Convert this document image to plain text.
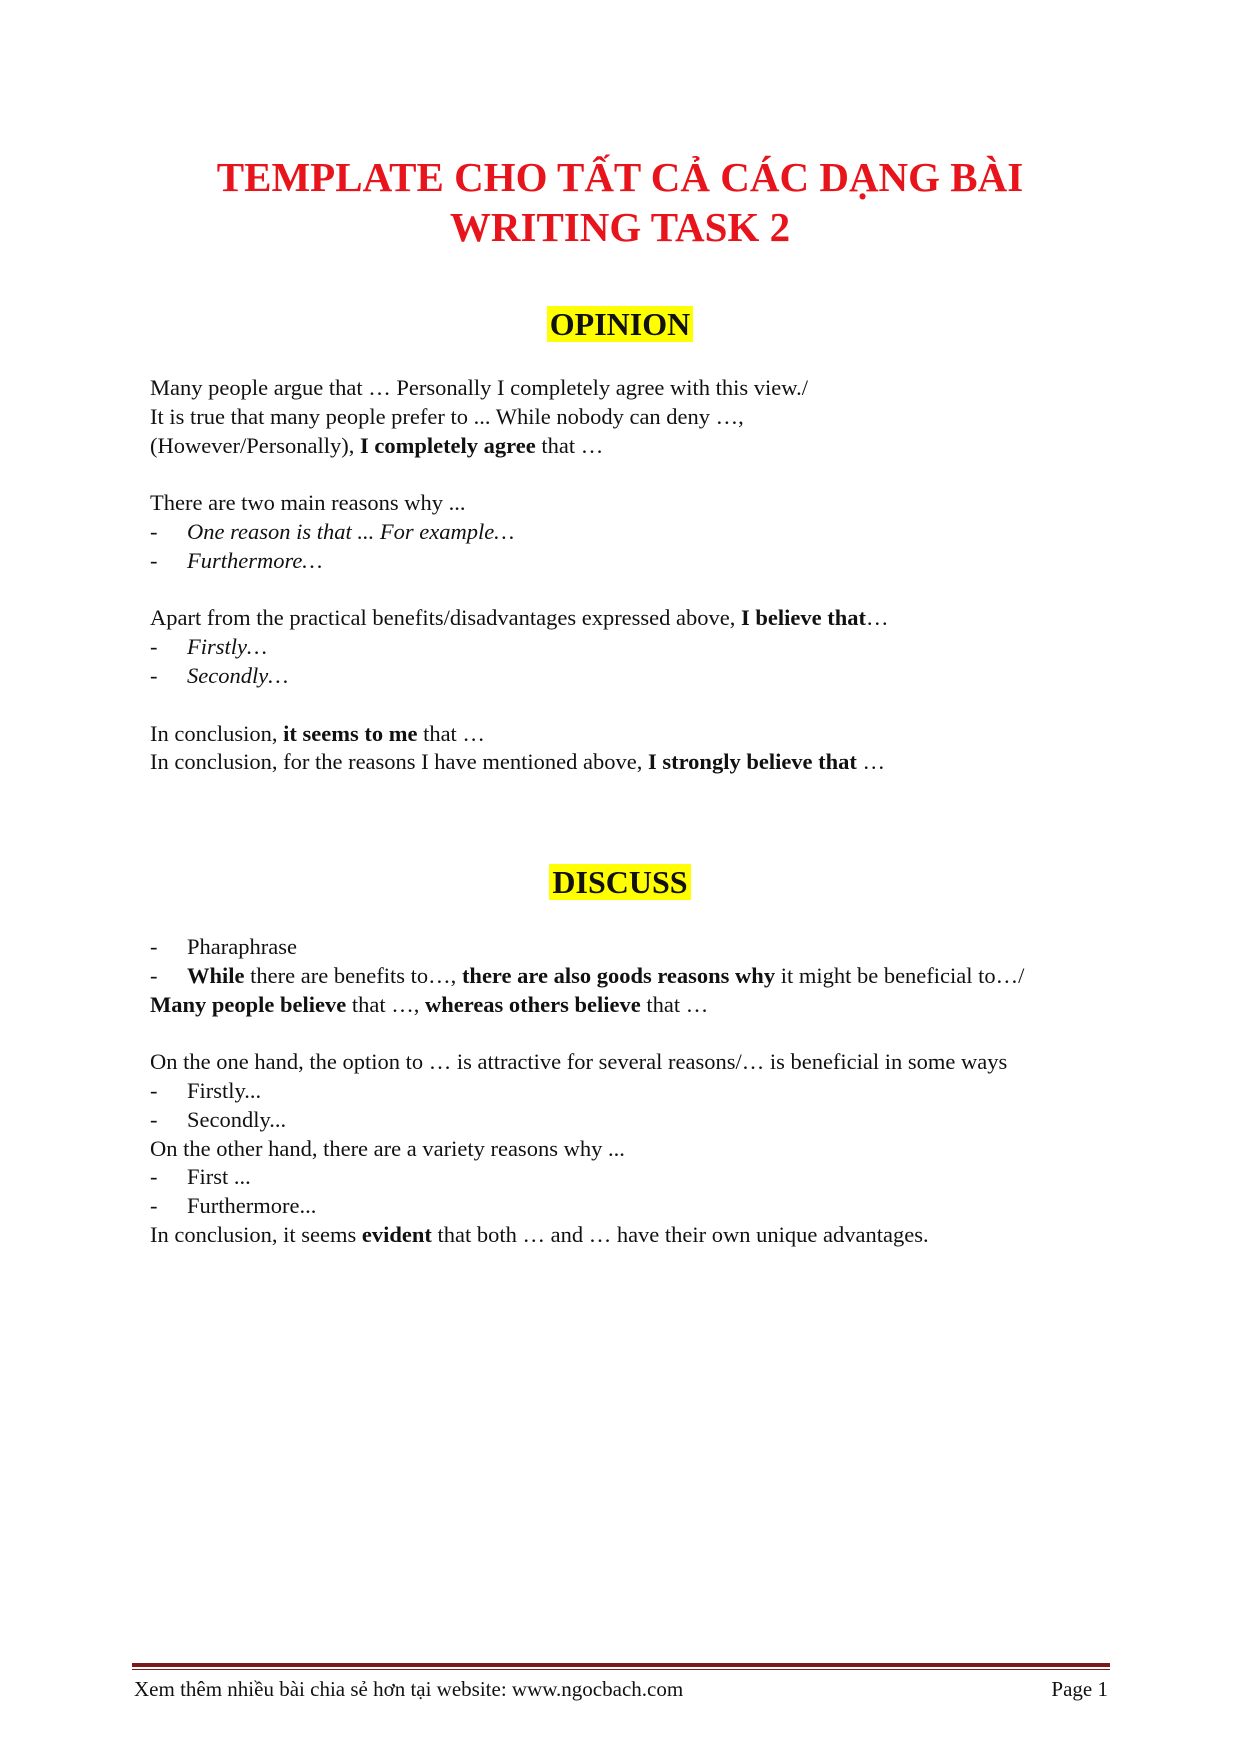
TEMPLATE CHO TẤT CẢ CÁC DẠNG BÀI
WRITING TASK 2
OPINION
Many people argue that … Personally I completely agree with this view./
It is true that many people prefer to ... While nobody can deny …,
(However/Personally), I completely agree that …
There are two main reasons why ...
- One reason is that ... For example…
- Furthermore…
Apart from the practical benefits/disadvantages expressed above, I believe that…
- Firstly…
- Secondly…
In conclusion, it seems to me that …
In conclusion, for the reasons I have mentioned above, I strongly believe that …
DISCUSS
- Pharaphrase
- While there are benefits to…, there are also goods reasons why it might be beneficial to…/
Many people believe that …, whereas others believe that …
On the one hand, the option to … is attractive for several reasons/… is beneficial in some ways
- Firstly...
- Secondly...
On the other hand, there are a variety reasons why ...
- First ...
- Furthermore...
In conclusion, it seems evident that both … and … have their own unique advantages.
Xem thêm nhiều bài chia sẻ hơn tại website: www.ngocbach.com	Page 1
